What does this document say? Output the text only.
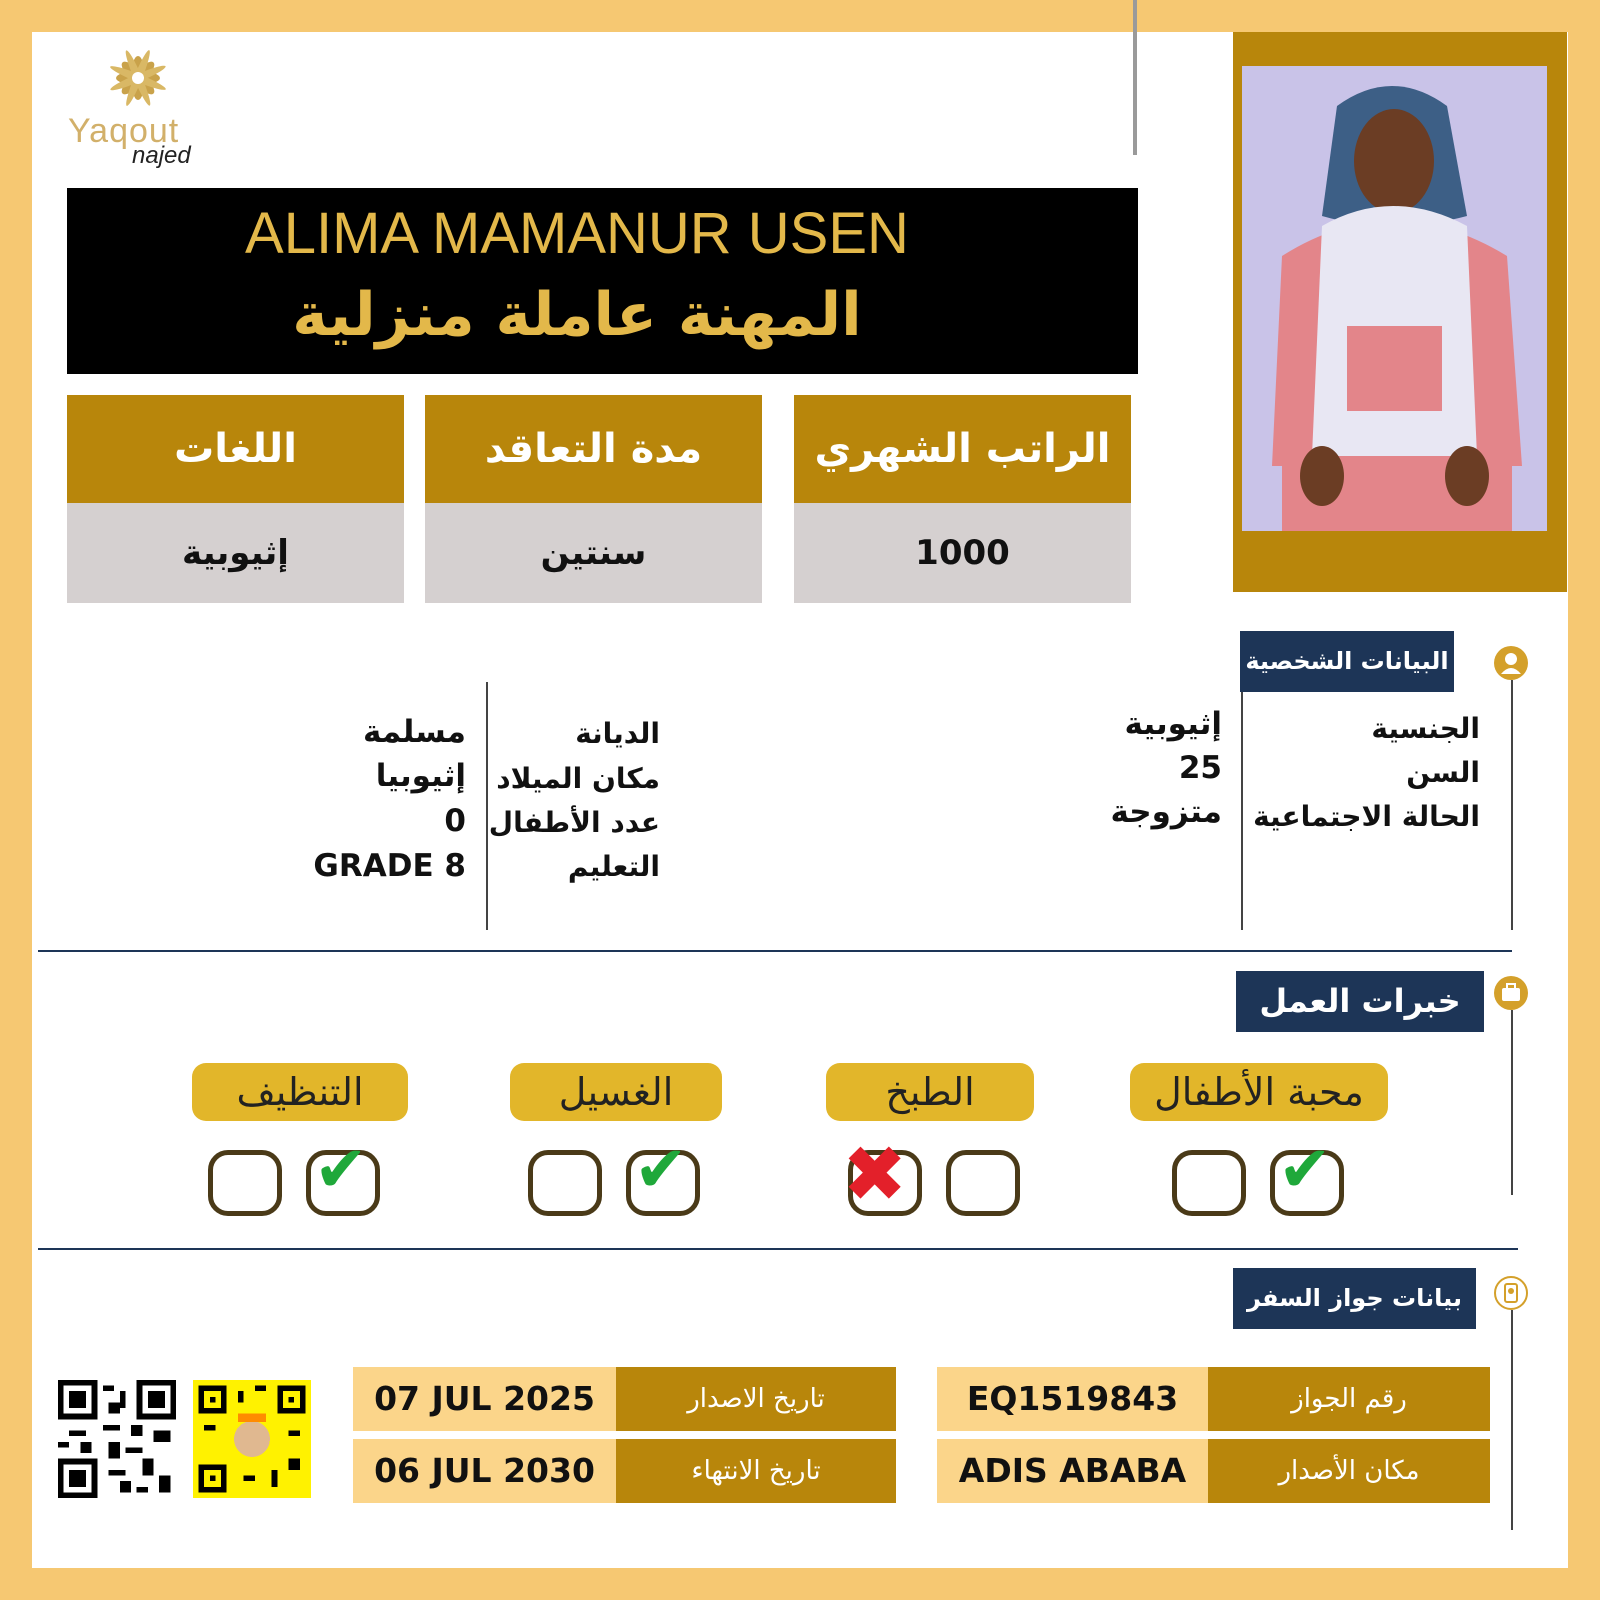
Yaqout
najed
ALIMA MAMANUR USEN
المهنة عاملة منزلية
الراتب الشهري
1000
مدة التعاقد
سنتين
اللغات
إثيوبية
البيانات الشخصية
الجنسية
السن
الحالة الاجتماعية
إثيوبية
25
متزوجة
الديانة
مكان الميلاد
عدد الأطفال
التعليم
مسلمة
إثيوبيا
0
GRADE 8
خبرات العمل
محبة الأطفال
✔
الطبخ
✖
الغسيل
✔
التنظيف
✔
بيانات جواز السفر
رقم الجواز
EQ1519843
مكان الأصدار
ADIS ABABA
تاريخ الاصدار
07 JUL 2025
تاريخ الانتهاء
06 JUL 2030
